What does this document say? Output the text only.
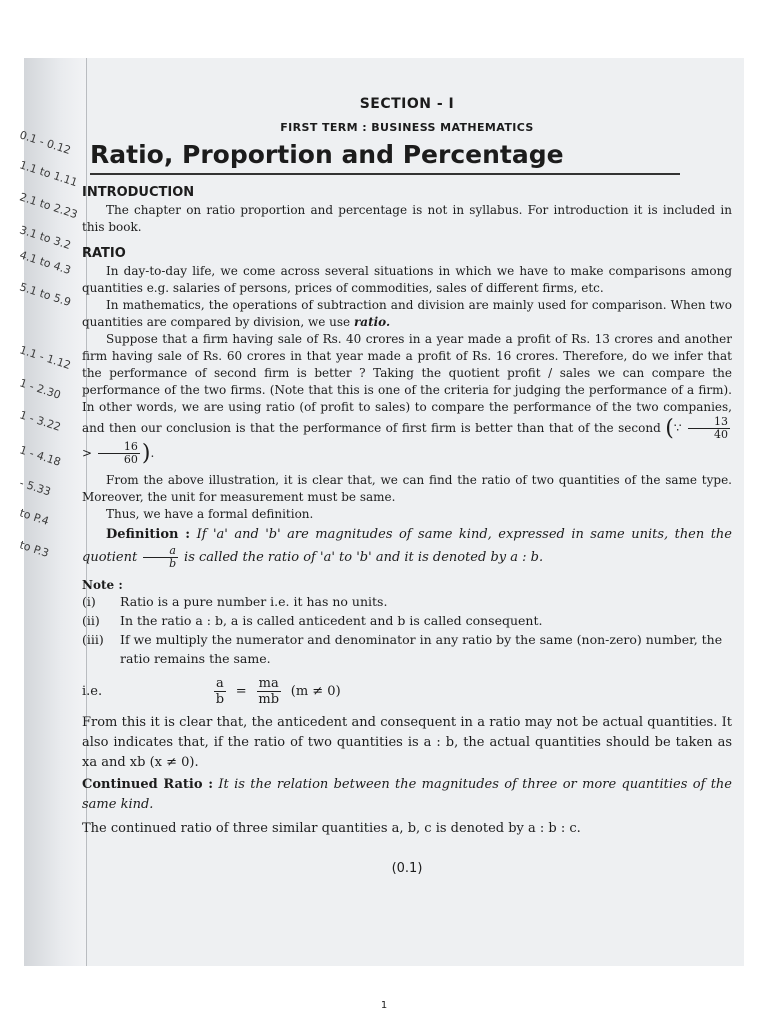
0.1 - 0.12
1.1 to 1.11
2.1 to 2.23
3.1 to 3.2
4.1 to 4.3
5.1 to 5.9
1.1 - 1.12
1 - 2.30
1 - 3.22
1 - 4.18
- 5.33
to P.4
to P.3

SECTION - I

FIRST TERM : BUSINESS MATHEMATICS

Ratio, Proportion and Percentage
INTRODUCTION

The chapter on ratio proportion and percentage is not in syllabus. For introduction it is included in this book.

RATIO

In day-to-day life, we come across several situations in which we have to make comparisons among quantities e.g. salaries of persons, prices of commodities, sales of different firms, etc.

In mathematics, the operations of subtraction and division are mainly used for comparison. When two quantities are compared by division, we use ratio.

Suppose that a firm having sale of Rs. 40 crores in a year made a profit of Rs. 13 crores and another firm having sale of Rs. 60 crores in that year made a profit of Rs. 16 crores. Therefore, do we infer that the performance of second firm is better ? Taking the quotient profit / sales we can compare the performance of the two firms. (Note that this is one of the criteria for judging the performance of a firm). In other words, we are using ratio (of profit to sales) to compare the performance of the two companies, and then our conclusion is that the performance of first firm is better than that of the second (∵ $\frac{13}{40}$
> $\frac{16}{60}$ ).

From the above illustration, it is clear that, we can find the ratio of two quantities of the same type. Moreover, the unit for measurement must be same.

Thus, we have a formal definition.

Definition : If 'a' and 'b' are magnitudes of same kind, expressed in same units, then the quotient $\frac{a}{b}$ is called the ratio of 'a' to 'b' and it is denoted by a : b.

Note :
(i)	Ratio is a pure number i.e. it has no units.
(ii)	In the ratio a : b, a is called anticedent and b is called consequent.
(iii)	If we multiply the numerator and denominator in any ratio by the same (non-zero) number, the ratio remains the same.
i.e.	$\frac{a}{b} = \frac{ma}{mb} (m \ne 0)$

From this it is clear that, the anticedent and consequent in a ratio may not be actual quantities. It also indicates that, if the ratio of two quantities is a : b, the actual quantities should be taken as xa and xb (x ≠ 0).

Continued Ratio : It is the relation between the magnitudes of three or more quantities of the same kind.

The continued ratio of three similar quantities a, b, c is denoted by a : b : c.

(0.1)
1
